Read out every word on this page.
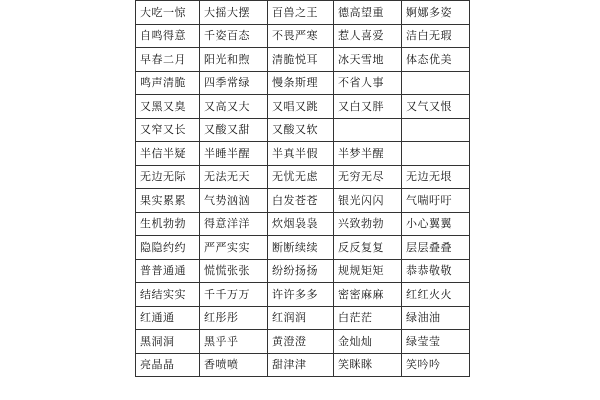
大吃一惊	大摇大摆	百兽之王	德高望重	婀娜多姿
自鸣得意	千姿百态	不畏严寒	惹人喜爱	洁白无瑕
早春二月	阳光和煦	清脆悦耳	冰天雪地	体态优美
鸣声清脆	四季常绿	慢条斯理	不省人事	
又黑又臭	又高又大	又唱又跳	又白又胖	又气又恨
又窄又长	又酸又甜	又酸又软		
半信半疑	半睡半醒	半真半假	半梦半醒	
无边无际	无法无天	无忧无虑	无穷无尽	无边无垠
果实累累	气势汹汹	白发苍苍	银光闪闪	气喘吁吁
生机勃勃	得意洋洋	炊烟袅袅	兴致勃勃	小心翼翼
隐隐约约	严严实实	断断续续	反反复复	层层叠叠
普普通通	慌慌张张	纷纷扬扬	规规矩矩	恭恭敬敬
结结实实	千千万万	许许多多	密密麻麻	红红火火
红通通	红彤彤	红润润	白茫茫	绿油油
黑洞洞	黑乎乎	黄澄澄	金灿灿	绿莹莹
亮晶晶	香喷喷	甜津津	笑眯眯	笑吟吟
